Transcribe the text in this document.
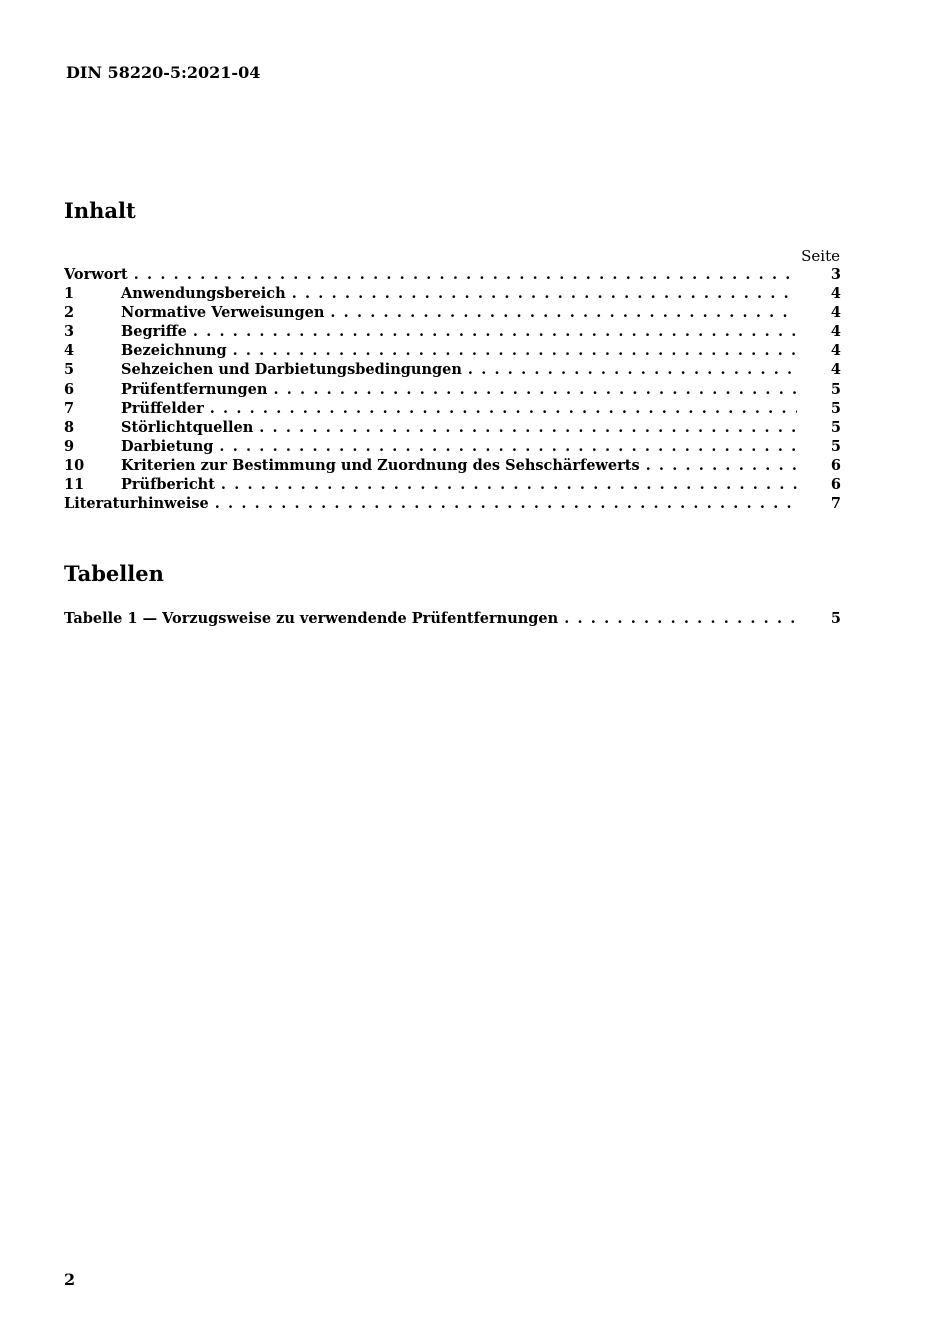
DIN 58220-5:2021-04
Inhalt
Seite
Vorwort . . .	3
1	Anwendungsbereich . . .	4
2	Normative Verweisungen . . .	4
3	Begriffe . . .	4
4	Bezeichnung . . .	4
5	Sehzeichen und Darbietungsbedingungen . . .	4
6	Prüfentfernungen . . .	5
7	Prüffelder . . .	5
8	Störlichtquellen . . .	5
9	Darbietung . . .	5
10	Kriterien zur Bestimmung und Zuordnung des Sehschärfewerts . . .	6
11	Prüfbericht . . .	6
Literaturhinweise . . .	7
Tabellen
Tabelle 1 — Vorzugsweise zu verwendende Prüfentfernungen . . .	5
2
